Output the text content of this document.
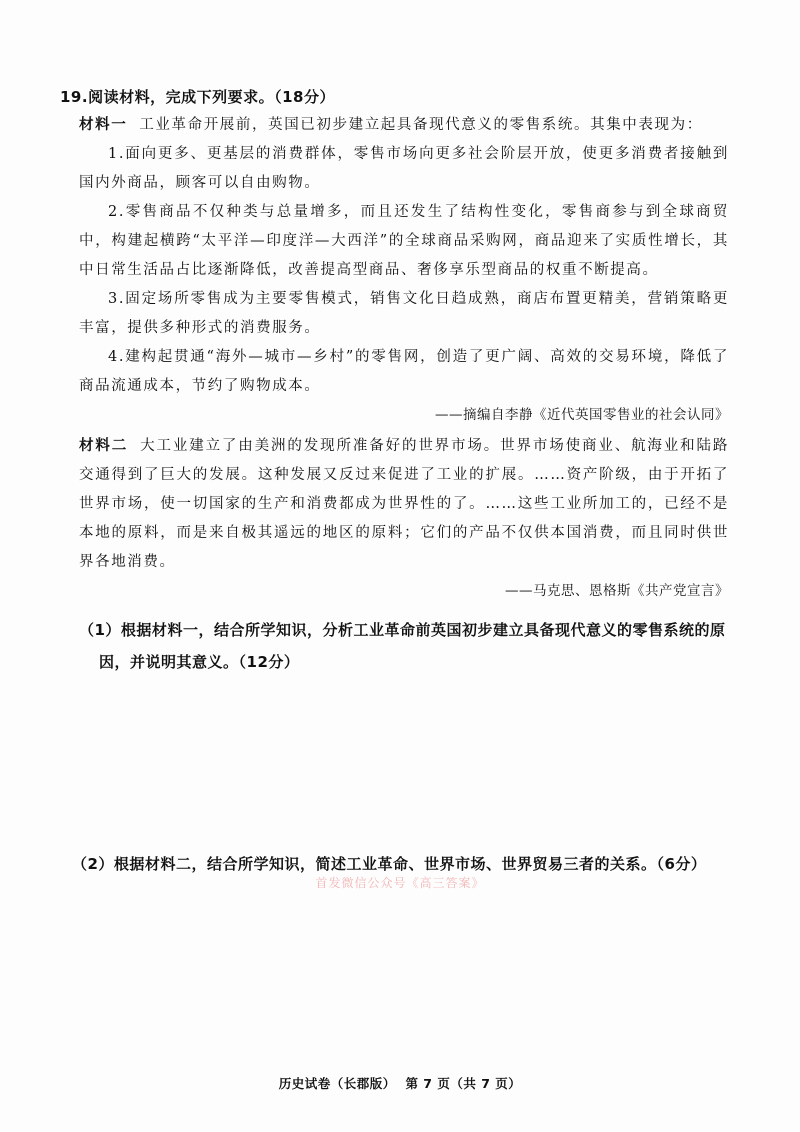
19.阅读材料，完成下列要求。（18分）

材料一 工业革命开展前，英国已初步建立起具备现代意义的零售系统。其集中表现为：

1.面向更多、更基层的消费群体，零售市场向更多社会阶层开放，使更多消费者接触到国内外商品，顾客可以自由购物。

2.零售商品不仅种类与总量增多，而且还发生了结构性变化，零售商参与到全球商贸中，构建起横跨“太平洋—印度洋—大西洋”的全球商品采购网，商品迎来了实质性增长，其中日常生活品占比逐渐降低，改善提高型商品、奢侈享乐型商品的权重不断提高。

3.固定场所零售成为主要零售模式，销售文化日趋成熟，商店布置更精美，营销策略更丰富，提供多种形式的消费服务。

4.建构起贯通“海外—城市—乡村”的零售网，创造了更广阔、高效的交易环境，降低了商品流通成本，节约了购物成本。

——摘编自李静《近代英国零售业的社会认同》

材料二 大工业建立了由美洲的发现所准备好的世界市场。世界市场使商业、航海业和陆路交通得到了巨大的发展。这种发展又反过来促进了工业的扩展。……资产阶级，由于开拓了世界市场，使一切国家的生产和消费都成为世界性的了。……这些工业所加工的，已经不是本地的原料，而是来自极其遥远的地区的原料；它们的产品不仅供本国消费，而且同时供世界各地消费。

——马克思、恩格斯《共产党宣言》

（1）根据材料一，结合所学知识，分析工业革命前英国初步建立具备现代意义的零售系统的原
因，并说明其意义。（12分）
（2）根据材料二，结合所学知识，简述工业革命、世界市场、世界贸易三者的关系。（6分）
首发微信公众号《高三答案》
历史试卷（长郡版）  第 7 页（共 7 页）
